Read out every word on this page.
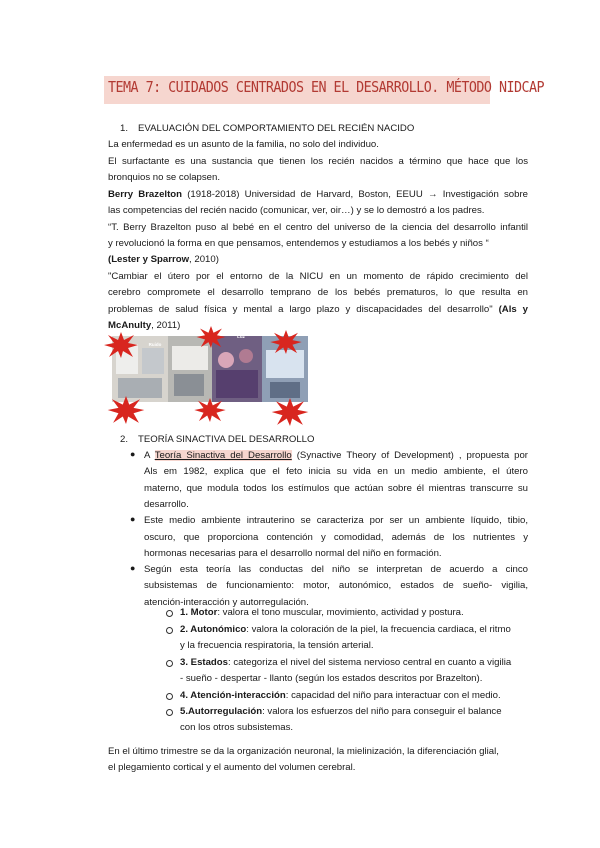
TEMA 7: CUIDADOS CENTRADOS EN EL DESARROLLO. MÉTODO NIDCAP
1. EVALUACIÓN DEL COMPORTAMIENTO DEL RECIÉN NACIDO
La enfermedad es un asunto de la familia, no solo del individuo.
El surfactante es una sustancia que tienen los recién nacidos a término que hace que los
bronquios no se colapsen.
Berry Brazelton (1918-2018) Universidad de Harvard, Boston, EEUU → Investigación sobre
las competencias del recién nacido (comunicar, ver, oir…) y se lo demostró a los padres.
“T. Berry Brazelton puso al bebé en el centro del universo de la ciencia del desarrollo infantil
y revolucionó la forma en que pensamos, entendemos y estudiamos a los bebés y niños “
(Lester y Sparrow, 2010)
"Cambiar el útero por el entorno de la NICU en un momento de rápido crecimiento del
cerebro compromete el desarrollo temprano de los bebés prematuros, lo que resulta en
problemas de salud física y mental a largo plazo y discapacidades del desarrollo" (Als y
McAnulty, 2011)
Ruido
Luz
Dolor
Separación	Estrés	Manipulación
2. TEORÍA SINACTIVA DEL DESARROLLO
● A Teoría Sinactiva del Desarrollo (Synactive Theory of Development) , propuesta por
Als em 1982, explica que el feto inicia su vida en un medio ambiente, el útero
materno, que modula todos los estímulos que actúan sobre él mientras transcurre su
desarrollo.
● Este medio ambiente intrauterino se caracteriza por ser un ambiente líquido, tibio,
oscuro, que proporciona contención y comodidad, además de los nutrientes y
hormonas necesarias para el desarrollo normal del niño en formación.
● Según esta teoría las conductas del niño se interpretan de acuerdo a cinco
subsistemas de funcionamiento: motor, autonómico, estados de sueño- vigilia,
atención-interacción y autorregulación.
1. Motor: valora el tono muscular, movimiento, actividad y postura.
2. Autonómico: valora la coloración de la piel, la frecuencia cardiaca, el ritmo
y la frecuencia respiratoria, la tensión arterial.
3. Estados: categoriza el nivel del sistema nervioso central en cuanto a vigilia
- sueño - despertar - llanto (según los estados descritos por Brazelton).
4. Atención-interacción: capacidad del niño para interactuar con el medio.
5.Autorregulación: valora los esfuerzos del niño para conseguir el balance
con los otros subsistemas.
En el último trimestre se da la organización neuronal, la mielinización, la diferenciación glial,
el plegamiento cortical y el aumento del volumen cerebral.
